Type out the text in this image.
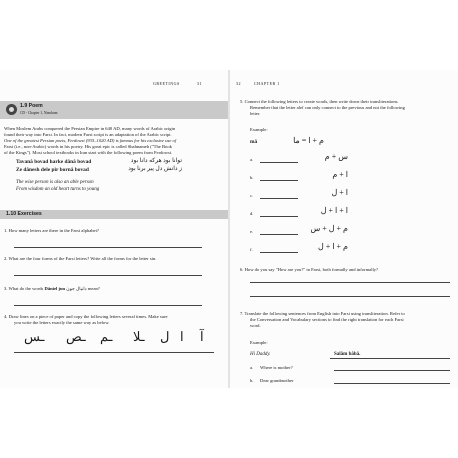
GREETINGS	31
1.9 Poem
CD - Chapter 1, Nimdunn
When Moslem Arabs conquered the Persian Empire in 640 AD, many words of Arabic origin
found their way into Farsi. In fact, modern Farsi script is an adaptation of the Arabic script.
One of the greatest Persian poets, Ferdowsi (935–1020 AD) is famous for his exclusive use of
Farsi (i.e., non-Arabic) words in his poetry. His great epic is called Shahnameh ("The Book
of the Kings"). Most school textbooks in Iran start with the following poem from Ferdowsi.
Tavanâ bovad harke dânâ bovad	توانا بود هرکه دانا بود
Ze dânesh dele pir bornâ bovad	ز دانش دل پیر برنا بود
The wise person is also an able person
From wisdom an old heart turns to young
1.10 Exercises
1. How many letters are there in the Farsi alphabet?
2. What are the four forms of the Farsi letters? Write all the forms for the letter sin.
3. What do the words Dâniel jun دانیال جون mean?
4. Draw lines on a piece of paper and copy the following letters several times. Make sure
you write the letters exactly the same way as below.
آ
ا
ل
ـلا
ـم
ـص
ـس
32	CHAPTER 1
5. Connect the following letters to create words, then write down their transliterations.
Remember that the letter alef can only connect to the previous and not the following
letter.
Example:
mâ	م + ا = ما
a.	س + م
b.	ا + م
c.	ا + ل
d.	ا + ا + ل
e.	م + ل + س
f.	م + ا + ل
6. How do you say "How are you?" in Farsi, both formally and informally?
7. Translate the following sentences from English into Farsi using transliteration. Refer to
the Conversation and Vocabulary sections to find the right translation for each Farsi
word.
Example:
Hi Daddy.	Salâm bâbâ.
a. Where is mother?
b. Dear grandmother
